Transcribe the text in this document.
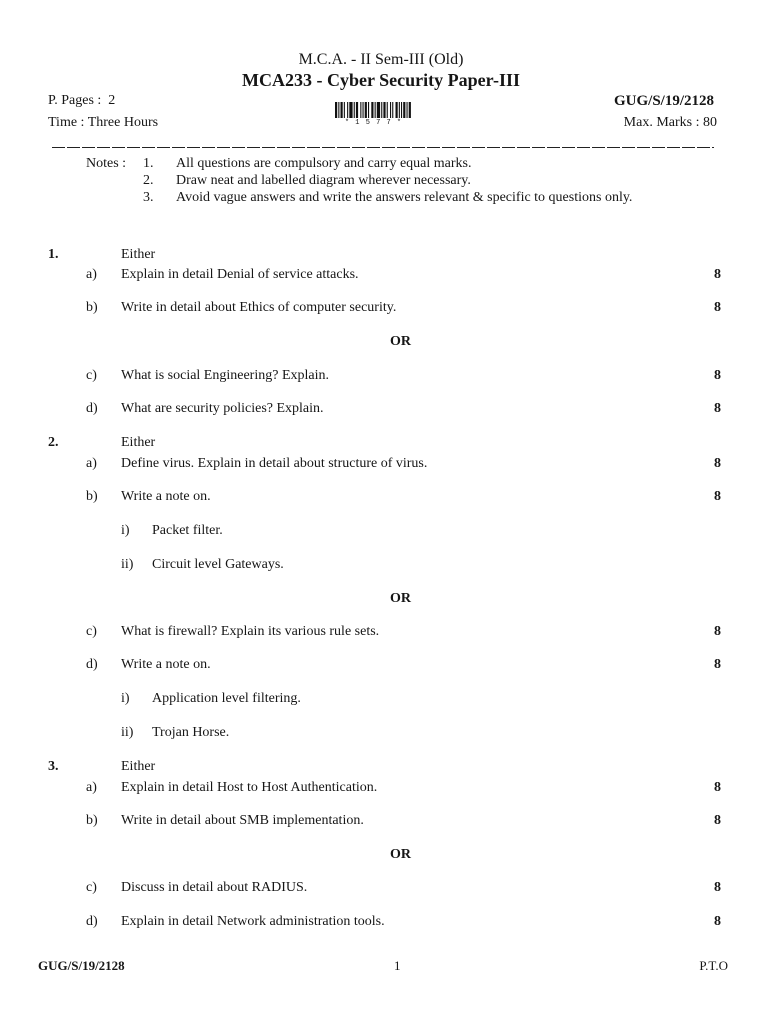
M.C.A. - II Sem-III (Old)
MCA233 - Cyber Security Paper-III
P. Pages :  2	GUG/S/19/2128
Time : Three Hours	Max. Marks : 80
* 1 5 7 7 *
Notes : 1. All questions are compulsory and carry equal marks.
2. Draw neat and labelled diagram wherever necessary.
3. Avoid vague answers and write the answers relevant & specific to questions only.
1.	Either
a) Explain in detail Denial of service attacks.	8
b) Write in detail about Ethics of computer security.	8
OR
c) What is social Engineering? Explain.	8
d) What are security policies? Explain.	8
2.	Either
a) Define virus. Explain in detail about structure of virus.	8
b) Write a note on.	8
i) Packet filter.
ii) Circuit level Gateways.
OR
c) What is firewall? Explain its various rule sets.	8
d) Write a note on.	8
i) Application level filtering.
ii) Trojan Horse.
3.	Either
a) Explain in detail Host to Host Authentication.	8
b) Write in detail about SMB implementation.	8
OR
c) Discuss in detail about RADIUS.	8
d) Explain in detail Network administration tools.	8
GUG/S/19/2128	1	P.T.O
